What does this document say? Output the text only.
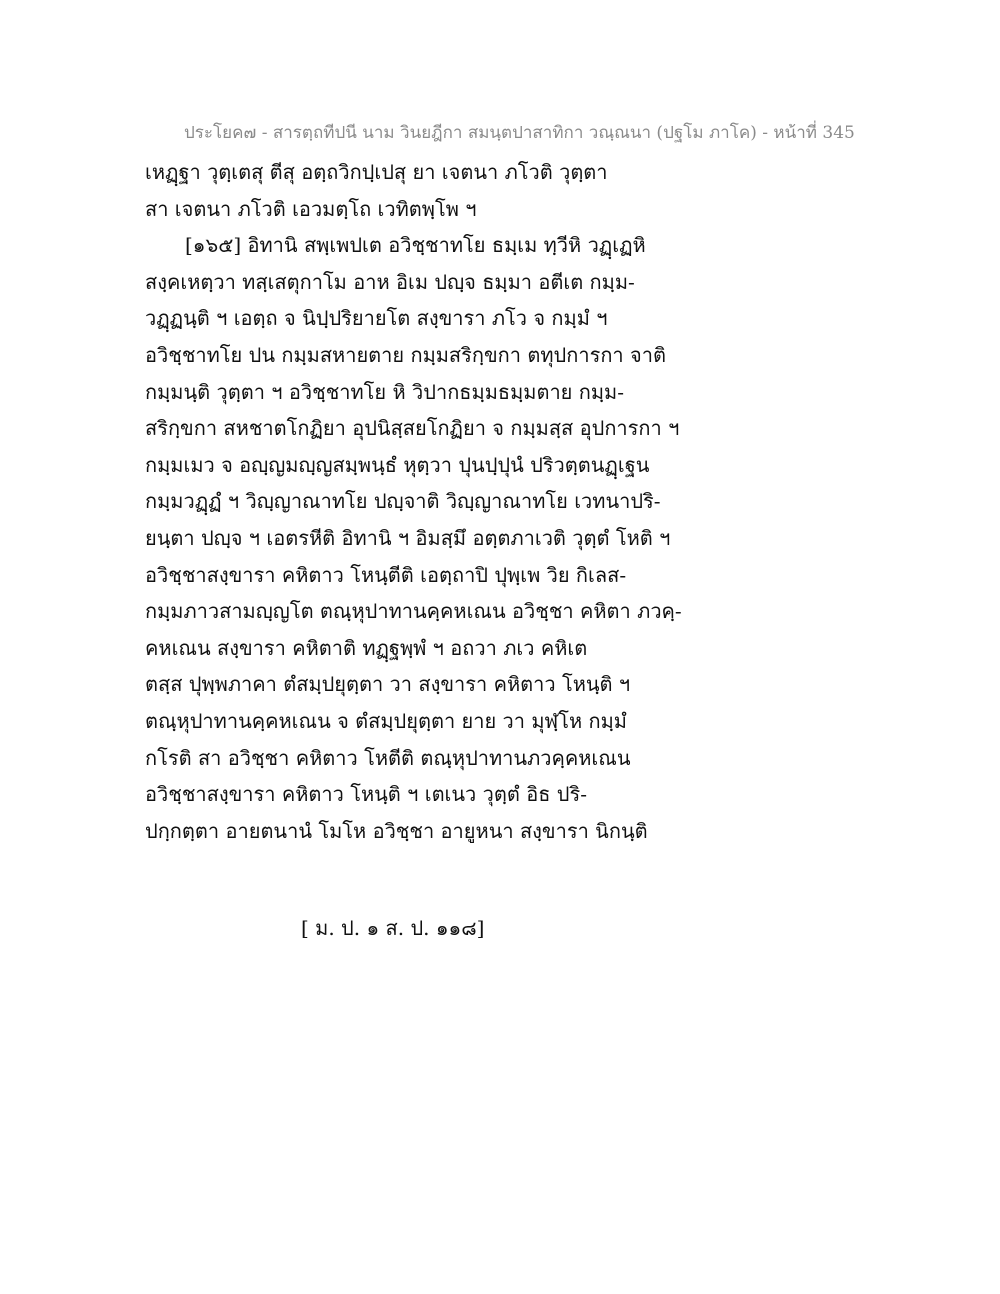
ประโยค๗ - สารตฺถทีปนี นาม วินยฎีกา สมนฺตปาสาทิกา วณฺณนา (ปฐโม ภาโค) - หน้าที่ 345
เหฏฺฐา วุตฺเตสุ ตีสุ อตฺถวิกปฺเปสุ ยา เจตนา ภโวติ วุตฺตา
สา เจตนา ภโวติ เอวมตฺโถ เวทิตพฺโพ ฯ
[๑๖๕] อิทานิ สพฺเพปเต อวิชฺชาทโย ธมฺเม ทฺวีหิ วฏฺเฏหิ
สงฺคเหตฺวา ทสฺเสตุกาโม อาห อิเม ปญฺจ ธมฺมา อตีเต กมฺม-
วฏฺฏนฺติ ฯ เอตฺถ จ นิปฺปริยายโต สงฺขารา ภโว จ กมฺมํ ฯ
อวิชฺชาทโย ปน กมฺมสหายตาย กมฺมสริกฺขกา ตทุปการกา จาติ
กมฺมนฺติ วุตฺตา ฯ อวิชฺชาทโย หิ วิปากธมฺมธมฺมตาย กมฺม-
สริกฺขกา สหชาตโกฏิยา อุปนิสฺสยโกฏิยา จ กมฺมสฺส อุปการกา ฯ
กมฺมเมว จ อญฺญมญฺญสมฺพนฺธํ หุตฺวา ปุนปฺปุนํ ปริวตฺตนฏฺเฐน
กมฺมวฏฺฏํ ฯ วิญฺญาณาทโย ปญฺจาติ วิญฺญาณาทโย เวทนาปริ-
ยนฺตา ปญฺจ ฯ เอตรหีติ อิทานิ ฯ อิมสฺมึ อตฺตภาเวติ วุตฺตํ โหติ ฯ
อวิชฺชาสงฺขารา คหิตาว โหนฺตีติ เอตฺถาปิ ปุพฺเพ วิย กิเลส-
กมฺมภาวสามญฺญโต ตณฺหุปาทานคฺคหเณน อวิชฺชา คหิตา ภวคฺ-
คหเณน สงฺขารา คหิตาติ ทฏฺฐพฺพํ ฯ อถวา ภเว คหิเต
ตสฺส ปุพฺพภาคา ตํสมฺปยุตฺตา วา สงฺขารา คหิตาว โหนฺติ ฯ
ตณฺหุปาทานคฺคหเณน จ ตํสมฺปยุตฺตา ยาย วา มุฬฺโห กมฺมํ
กโรติ สา อวิชฺชา คหิตาว โหตีติ ตณฺหุปาทานภวคฺคหเณน
อวิชฺชาสงฺขารา คหิตาว โหนฺติ ฯ เตเนว วุตฺตํ อิธ ปริ-
ปกฺกตฺตา อายตนานํ โมโห อวิชฺชา อายูหนา สงฺขารา นิกนฺติ
[ ม. ป. ๑ ส. ป. ๑๑๘]
